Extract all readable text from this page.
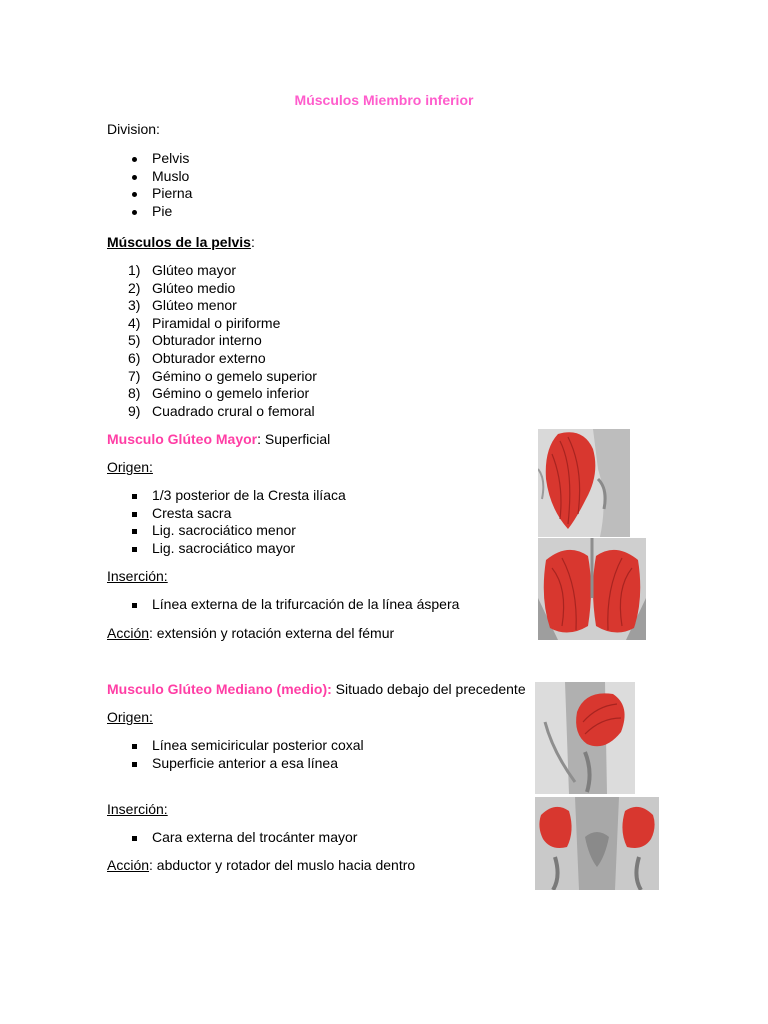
Músculos Miembro inferior
Division:
Pelvis
Muslo
Pierna
Pie
Músculos de la pelvis:
1) Glúteo mayor
2) Glúteo medio
3) Glúteo menor
4) Piramidal o piriforme
5) Obturador interno
6) Obturador externo
7) Gémino o gemelo superior
8) Gémino o gemelo inferior
9) Cuadrado crural o femoral
Musculo Glúteo Mayor: Superficial
Origen:
1/3 posterior de la Cresta ilíaca
Cresta sacra
Lig. sacrociático menor
Lig. sacrociático mayor
Inserción:
Línea externa de la trifurcación de la línea áspera
Acción: extensión y rotación externa del fémur
Musculo Glúteo Mediano (medio): Situado debajo del precedente
Origen:
Línea semiciricular posterior coxal
Superficie anterior a esa línea
Inserción:
Cara externa del trocánter mayor
Acción: abductor y rotador del muslo hacia dentro
